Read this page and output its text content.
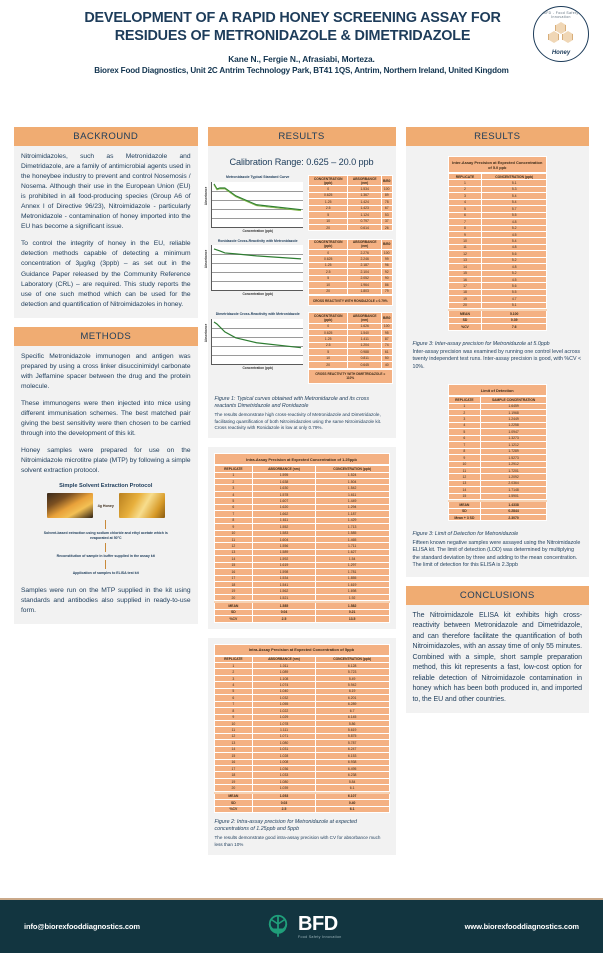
DEVELOPMENT OF A RAPID HONEY SCREENING ASSAY FOR RESIDUES OF METRONIDAZOLE & DIMETRIDAZOLE
Kane N., Fergie N., Afrasiabi, Morteza.
Biorex Food Diagnostics, Unit 2C Antrim Technology Park, BT41 1QS, Antrim, Northern Ireland, United Kingdom
BFD - Food Safety Innovation
Honey
BACKROUND

Nitroimidazoles, such as Metronidazole and Dimetridazole, are a family of antimicrobial agents used in the honeybee industry to prevent and control Nosemosis / Nosema. Although their use in the European Union (EU) is prohibited in all food-producing species (Group A6 of Annex I of Directive 96/23), Nitroimidazole - particularly Metronidazole - contamination of honey imported into the EU has become a significant issue.

To control the integrity of honey in the EU, reliable detection methods capable of detecting a minimum concentration of 3µg/kg (3ppb) – as set out in the Guidance Paper released by the Community Reference Laboratory (CRL) – are required. This study reports the use of one such method which can be used for the detection and quantification of Nitroimidazoles in honey.

METHODS

Specific Metronidazole immunogen and antigen was prepared by using a cross linker disuccinimidyl carbonate with Jeffamine spacer between the drug and the protein molecule.

These immunogens were then injected into mice using different immunisation schemes. The best matched pair giving the best sensitivity were then chosen to be carried through into the development of this kit.

Honey samples were prepared for use on the Nitroimidazole microtitre plate (MTP) by following a simple solvent extraction protocol.

Simple Solvent Extraction Protocol
4g Honey
Solvent-based extraction using sodium chloride and ethyl acetate which is evaporated at 50°C
Reconstitution of sample in buffer supplied in the assay kit
Application of samples to ELISA test kit

Samples were run on the MTP supplied in the kit using standards and antibodies also supplied in ready-to-use form.

RESULTS
Calibration Range: 0.625 – 20.0 ppb
Metronidazole Typical Standard Curve
Absorbance
Concentration (ppb)
CONCENTRATION (ppb)	ABSORBANCE (nm)	B/B0
0	1.534	100
0.625	1.367	89
1.25	1.424	78
2.5	1.423	67
5	1.124	53
10	0.797	37
20	0.614	26
Ronidazole Cross-Reactivity with Metronidazole
Absorbance
Concentration (ppb)
CONCENTRATION (ppb)	ABSORBANCE (nm)	B/B0
0	2.276	100
0.625	2.246	99
1.25	2.187	96
2.5	2.104	92
5	2.052	90
10	1.964	86
20	1.803	79
CROSS REACTIVITY WITH RONIDAZOLE = 0.79%
Dimetridazole Cross-Reactivity with Metronidazole
Absorbance
Concentration (ppb)
CONCENTRATION (ppb)	ABSORBANCE (nm)	B/B0
0	1.626	100
0.625	1.540	95
1.25	1.411	87
2.5	1.204	74
5	0.988	61
10	0.811	50
20	0.645	40
CROSS REACTIVITY WITH DIMETRIDAZOLE = 110%
Figure 1: Typical curves obtained with Metronidazole and its cross reactants Dimetridazole and Ronidazole
The results demonstrate high cross-reactivity of Metronidazole and Dimetridazole, facilitating quantification of both Nitroimidazoles using the same Nitroimidazole kit. Cross reactivity with Ronidazole is low at only 0.79%.
Intra-Assay Precision at Expected Concentration of 1.25ppb
REPLICATE	ABSORBANCE (nm)	CONCENTRATION (ppb)
1	1.595	1.524
2	1.638	1.504
3	1.630	1.542
4	1.578	1.611
5	1.607	1.449
6	1.620	1.294
7	1.662	1.187
8	1.611	1.429
9	1.552	1.713
10	1.583	1.585
11	1.604	1.465
12	1.556	1.711
13	1.589	1.627
14	1.592	1.54
15	1.619	1.297
16	1.598	1.781
17	1.534	1.855
18	1.541	1.619
19	1.562	1.698
20	1.521	1.92

MEAN	1.585	1.582
SD	0.04	0.21
%CV	2.5	13.5
Intra-Assay Precision at Expected Concentration of 5ppb
REPLICATE	ABSORBANCE (nm)	CONCENTRATION (ppb)
1	1.011	6.128
2	1.089	5.723
3	1.108	5.49
4	1.074	5.942
5	1.040	6.19
6	1.032	6.201
7	1.055	6.289
8	1.022	6.7
9	1.029	6.145
10	1.078	5.86
11	1.111	5.619
12	1.071	5.875
13	1.080	5.787
14	1.031	6.247
15	1.028	6.153
16	1.008	6.938
17	1.036	6.495
18	1.033	6.238
19	1.080	5.84
20	1.039	6.1

MEAN	1.053	6.107
SD	0.03	0.40
%CV	2.5	6.1
Figure 2: Intra-assay precision for Metronidazole at expected concentrations of 1.25ppb and 5ppb
The results demonstrate good intra-assay precision with CV for absorbance much less than 10%
RESULTS
Inter-Assay Precision at Expected Concentration of 5.0 ppb
REPLICATE	CONCENTRATION (ppb)
1	5.1
2	5.3
3	5.4
4	5.4
5	5.7
6	5.5
7	4.8
8	5.2
9	4.5
10	5.4
11	4.8
12	5.6
13	5.2
14	4.8
15	5.2
16	4.5
17	5.6
18	5.5
19	4.7
20	5.1

MEAN	5.100
SD	0.39
%CV	7.6
Figure 3: Inter-assay precision for Metronidazole at 5.0ppb
Inter-assay precision was examined by running one control level across twenty independent test runs. Inter-assay precision is good, with %CV < 10%.
Limit of Detection
REPLICATE	SAMPLE CONCENTRATION
1	1.6459
2	1.1968
3	1.2449
4	1.2258
5	1.0947
6	1.3273
7	1.1212
8	1.7289
9	1.5273
10	1.2912
11	1.7201
12	1.2092
13	2.0364
14	1.7148
15	1.5901

MEAN	1.4338
SD	0.2844
Mean + 3 SD	2.3070
Figure 3: Limit of Detection for Metronidazole
Fifteen known negative samples were assayed using the Nitroimidazole ELISA kit. The limit of detection (LOD) was determined by multiplying the standard deviation by three and adding to the mean concentration. The limit of detection for this ELISA is 2.3ppb
CONCLUSIONS

The Nitroimidazole ELISA kit exhibits high cross-reactivity between Metronidazole and Dimetridazole, and can therefore facilitate the quantification of both Nitroimidazoles, with an assay time of only 55 minutes. Combined with a simple, short sample preparation method, this kit represents a fast, low-cost option for reliable detection of Nitroimidazole contamination in honey which has been both produced in, and imported to, the EU and other countries.

info@biorexfooddiagnostics.com	BFD
Food Safety Innovation
www.biorexfooddiagnostics.com
